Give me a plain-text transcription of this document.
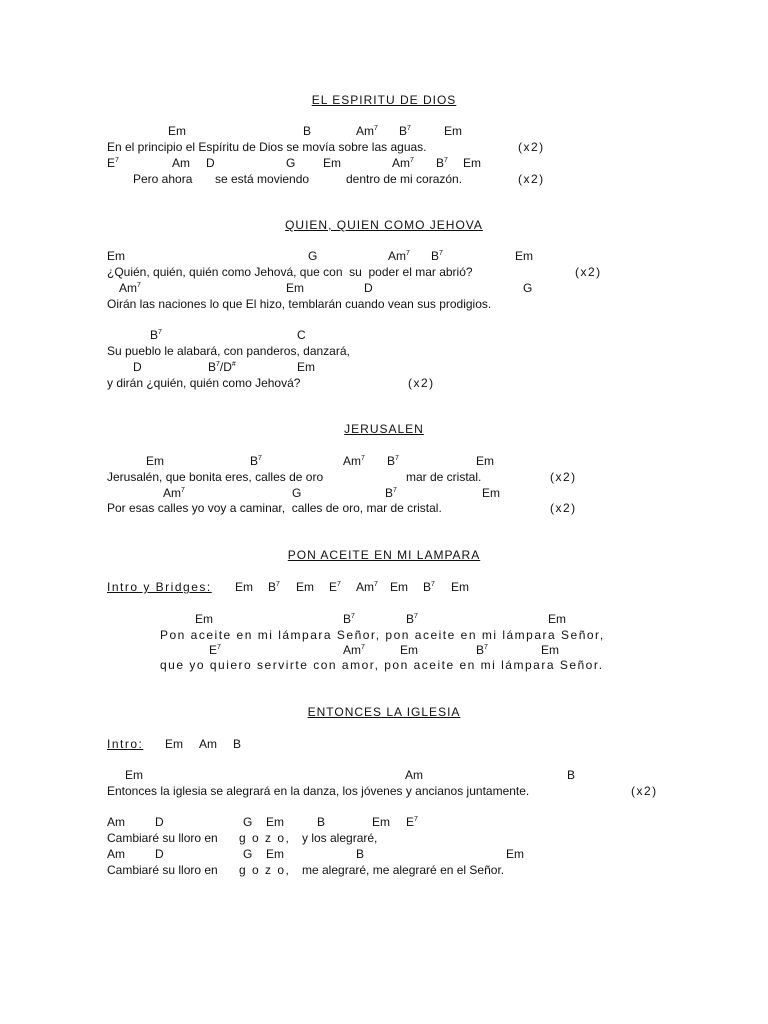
EL ESPIRITU DE DIOS

Em

	B

	Am$^7$

$B^7$

	Em

En el principio el Espíritu de Dios se movía sobre las aguas.

	(x2)

$E^7$

	Am

D

	G

Em

	Am$^7$

$B^7$

Em

Pero ahora

se está moviendo

	dentro de mi corazón.

	(x2)

QUIEN, QUIEN COMO JEHOVA

Em

	G

	Am$^7$

$B^7$

	Em

¿Quién, quién, quién como Jehová, que con  su  poder el mar abrió?

	(x2)

Am$^7$

	Em

	D

	G

Oirán las naciones lo que El hizo, temblarán cuando vean sus prodigios.

$B^7$

	C

Su pueblo le alabará, con panderos, danzará,

D

	$B^7/D^{\#}$

	Em

y dirán ¿quién, quién como Jehová?

	(x2)

JERUSALEN

Em

	$B^7$

	Am$^7$

$B^7$

	Em

Jerusalén, que bonita eres, calles de oro

	mar de cristal.

	(x2)

Am$^7$

	G

	$B^7$

	Em

Por esas calles yo voy a caminar,  calles de oro, mar de cristal.

	(x2)

PON ACEITE EN MI LAMPARA

Intro y Bridges:

Em

$B^7$

Em

$E^7$

Am$^7$

Em

$B^7$

Em

Em

	$B^7$

	$B^7$

	Em

Pon aceite en mi lámpara Señor, pon aceite en mi lámpara Señor,

$E^7$

	Am$^7$

	Em

	$B^7$

	Em

que yo quiero servirte con amor, pon aceite en mi lámpara Señor.

ENTONCES LA IGLESIA

Intro:

Em

Am

B

Em

	Am

	B

Entonces la iglesia se alegrará en la danza, los jóvenes y ancianos juntamente.

	(x2)

Am

	D

	G

Em

	B

	Em

$E^7$

Cambiaré su lloro en

g o z o,

y los alegraré,

Am

	D

	G

Em

	B

	Em

Cambiaré su lloro en

g o z o,

me alegraré, me alegraré en el Señor.
